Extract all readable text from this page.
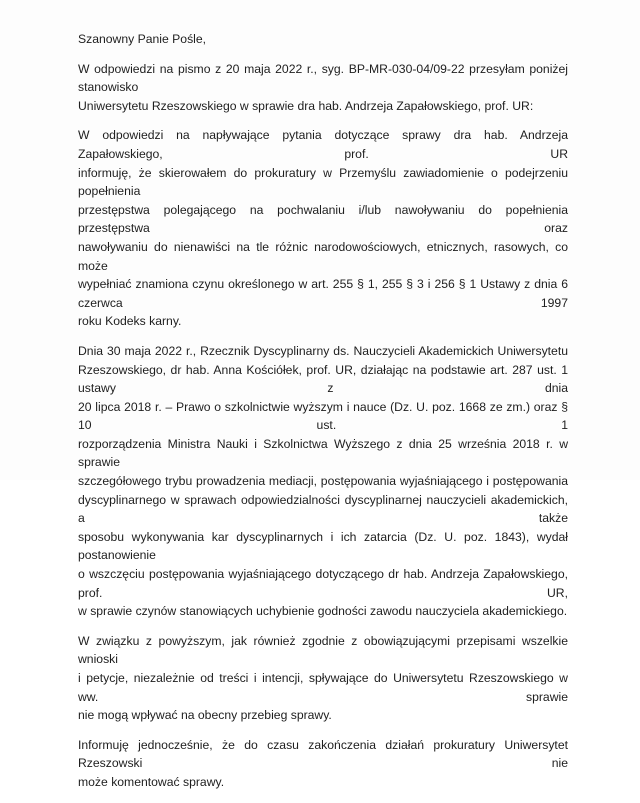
Szanowny Panie Pośle,

W odpowiedzi na pismo z 20 maja 2022 r., syg. BP-MR-030-04/09-22 przesyłam poniżej stanowisko
Uniwersytetu Rzeszowskiego w sprawie dra hab. Andrzeja Zapałowskiego, prof. UR:

W odpowiedzi na napływające pytania dotyczące sprawy dra hab. Andrzeja Zapałowskiego, prof. UR
informuję, że skierowałem do prokuratury w Przemyślu zawiadomienie o podejrzeniu popełnienia
przestępstwa polegającego na pochwalaniu i/lub nawoływaniu do popełnienia przestępstwa oraz
nawoływaniu do nienawiści na tle różnic narodowościowych, etnicznych, rasowych, co może
wypełniać znamiona czynu określonego w art. 255 § 1, 255 § 3 i 256 § 1 Ustawy z dnia 6 czerwca 1997
roku Kodeks karny.

Dnia 30 maja 2022 r., Rzecznik Dyscyplinarny ds. Nauczycieli Akademickich Uniwersytetu
Rzeszowskiego, dr hab. Anna Kościółek, prof. UR, działając na podstawie art. 287 ust. 1 ustawy z dnia
20 lipca 2018 r. – Prawo o szkolnictwie wyższym i nauce (Dz. U. poz. 1668 ze zm.) oraz § 10 ust. 1
rozporządzenia Ministra Nauki i Szkolnictwa Wyższego z dnia 25 września 2018 r. w sprawie
szczegółowego trybu prowadzenia mediacji, postępowania wyjaśniającego i postępowania
dyscyplinarnego w sprawach odpowiedzialności dyscyplinarnej nauczycieli akademickich, a także
sposobu wykonywania kar dyscyplinarnych i ich zatarcia (Dz. U. poz. 1843), wydał postanowienie
o wszczęciu postępowania wyjaśniającego dotyczącego dr hab. Andrzeja Zapałowskiego, prof. UR,
w sprawie czynów stanowiących uchybienie godności zawodu nauczyciela akademickiego.

W związku z powyższym, jak również zgodnie z obowiązującymi przepisami wszelkie wnioski
i petycje, niezależnie od treści i intencji, spływające do Uniwersytetu Rzeszowskiego w ww. sprawie
nie mogą wpływać na obecny przebieg sprawy.

Informuję jednocześnie, że do czasu zakończenia działań prokuratury Uniwersytet Rzeszowski nie
może komentować sprawy.
